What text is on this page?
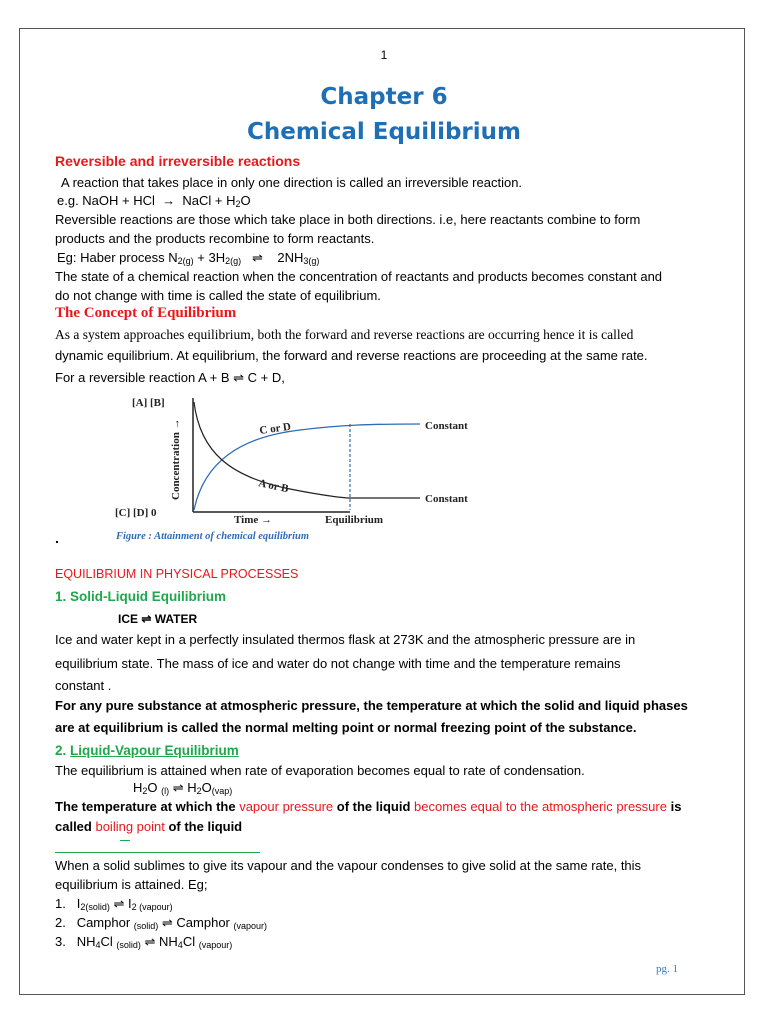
1
Chapter 6
Chemical Equilibrium
Reversible and irreversible reactions
A reaction that takes place in only one direction is called an irreversible reaction.
e.g. NaOH + HCl → NaCl + $H_2O$
Reversible reactions are those which take place in both directions. i.e, here reactants combine to form
products and the products recombine to form reactants.
Eg: Haber process $N_{2(g)} + 3H_{2(g)}$ ⇌ $2NH_{3(g)}$
The state of a chemical reaction when the concentration of reactants and products becomes constant and
do not change with time is called the state of equilibrium.
The Concept of Equilibrium
As a system approaches equilibrium, both the forward and reverse reactions are occurring hence it is called
dynamic equilibrium. At equilibrium, the forward and reverse reactions are proceeding at the same rate.
For a reversible reaction A + B ⇌ C + D,
[A] [B]
[C] [D] 0
Concentration →	C or D
A or B
Constant
Constant
Time →	Equilibrium
Figure : Attainment of chemical equilibrium
.
EQUILIBRIUM IN PHYSICAL PROCESSES
1. Solid-Liquid Equilibrium
ICE ⇌ WATER
Ice and water kept in a perfectly insulated thermos flask at 273K and the atmospheric pressure are in
equilibrium state. The mass of ice and water do not change with time and the temperature remains
constant .
For any pure substance at atmospheric pressure, the temperature at which the solid and liquid phases
are at equilibrium is called the normal melting point or normal freezing point of the substance.
2. Liquid-Vapour Equilibrium
The equilibrium is attained when rate of evaporation becomes equal to rate of condensation.
$H_2O$ $_{(l)}$ ⇌ $H_2O_{(vap)}$
The temperature at which the vapour pressure of the liquid becomes equal to the atmospheric pressure is
called boiling point of the liquid
When a solid sublimes to give its vapour and the vapour condenses to give solid at the same rate, this
equilibrium is attained. Eg;
1. $I_{2(solid)}$ ⇌ $I_{2 (vapour)}$
2. Camphor $_{(solid)}$ ⇌ Camphor $_{(vapour)}$
3. $NH_4Cl$ $_{(solid)}$ ⇌ $NH_4Cl$ $_{(vapour)}$
pg. 1
